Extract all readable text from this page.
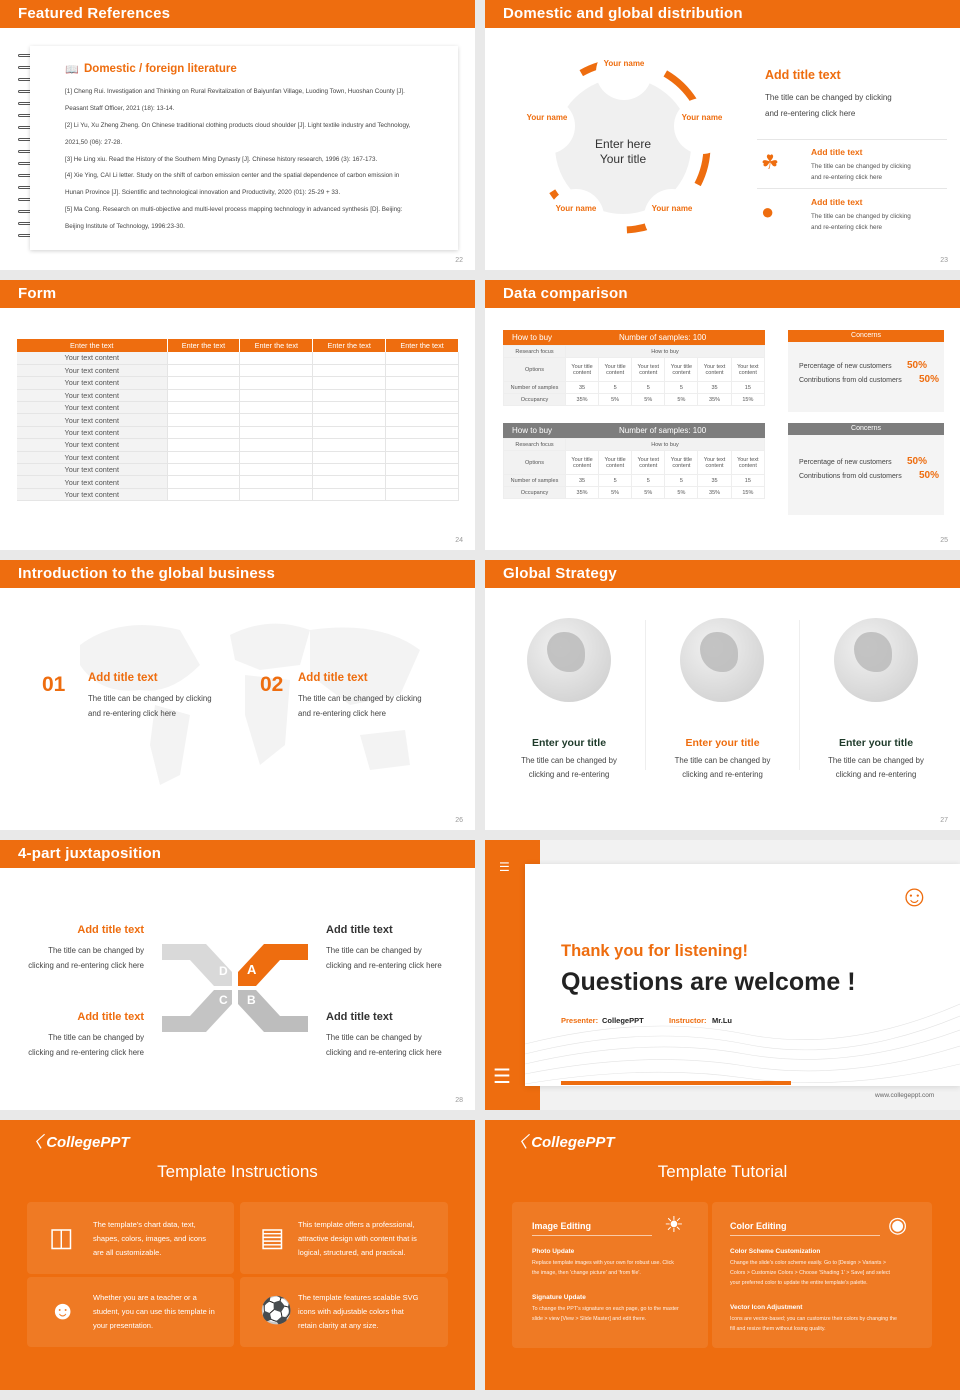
Featured References
📖 Domestic / foreign literature
[1] Cheng Rui. Investigation and Thinking on Rural Revitalization of Baiyunfan Village, Luoding Town, Huoshan County [J].
Peasant Staff Officer, 2021 (18): 13-14.
[2] Li Yu, Xu Zheng Zheng. On Chinese traditional clothing products cloud shoulder [J]. Light textile industry and Technology,
2021,50 (06): 27-28.
[3] He Ling xiu. Read the History of the Southern Ming Dynasty [J]. Chinese history research, 1996 (3): 167-173.
[4] Xie Ying, CAI Li letter. Study on the shift of carbon emission center and the spatial dependence of carbon emission in
Hunan Province [J]. Scientific and technological innovation and Productivity, 2020 (01): 25-29 + 33.
[5] Ma Cong. Research on multi-objective and multi-level process mapping technology in advanced synthesis [D]. Beijing:
Beijing Institute of Technology, 1996:23-30.
22
Domestic and global distribution
Enter here
Your title
Your name
Your name	Your name
Your name	Your name
Add title text
The title can be changed by clicking
and re-entering click here
☘	Add title text
The title can be changed by clicking
and re-entering click here
●	Add title text
The title can be changed by clicking
and re-entering click here
23
Form
24
Enter the text	Enter the text	Enter the text	Enter the text	Enter the text
Your text content				
Your text content				
Your text content				
Your text content				
Your text content				
Your text content				
Your text content				
Your text content				
Your text content				
Your text content				
Your text content				
Your text content				
Data comparison
How to buy	Number of samples: 100
Research focus	How to buy					
Options	Your title content	Your title content	Your text content	Your title content	Your text content	Your text content
Number of samples	35	5	5	5	35	15
Occupancy	35%	5%	5%	5%	35%	15%
Concerns
Percentage of new customers 50%
Contributions from old customers 50%
How to buy	Number of samples: 100
Research focus	How to buy					
Options	Your title content	Your title content	Your text content	Your title content	Your text content	Your text content
Number of samples	35	5	5	5	35	15
Occupancy	35%	5%	5%	5%	35%	15%
Concerns
Percentage of new customers 50%
Contributions from old customers 50%
25
Introduction to the global business
01 Add title text
The title can be changed by clicking
and re-entering click here
02 Add title text
The title can be changed by clicking
and re-entering click here
26
Global Strategy
Enter your title
The title can be changed by
clicking and re-entering
Enter your title
The title can be changed by
clicking and re-entering
Enter your title
The title can be changed by
clicking and re-entering
27
4-part juxtaposition
D A
C B
Add title text
The title can be changed by
clicking and re-entering click here
Add title text
The title can be changed by
clicking and re-entering click here
Add title text
The title can be changed by
clicking and re-entering click here
Add title text
The title can be changed by
clicking and re-entering click here
28
☰
☰
☺
Thank you for listening!
Questions are welcome !
Presenter: CollegePPT	Instructor: Mr.Lu
www.collegeppt.com
〈 CollegePPT
Template Instructions
◫	The template's chart data, text,
shapes, colors, images, and icons
are all customizable.
▤ This template offers a professional,
attractive design with content that is
logical, structured, and practical.
☻ Whether you are a teacher or a
student, you can use this template in
your presentation.
⚽ The template features scalable SVG
icons with adjustable colors that
retain clarity at any size.
〈 CollegePPT
Template Tutorial
Image Editing	☀
Photo Update
Replace template images with your own for robust use. Click
the image, then 'change picture' and 'from file'.
Signature Update
To change the PPT's signature on each page, go to the master
slide > view [View > Slide Master] and edit there.
Color Editing	◉
Color Scheme Customization
Change the slide's color scheme easily. Go to [Design > Variants >
Colors > Customize Colors > Choose 'Shading 1' > Save] and select
your preferred color to update the entire template's palette.
Vector Icon Adjustment
Icons are vector-based; you can customize their colors by changing the
fill and resize them without losing quality.
